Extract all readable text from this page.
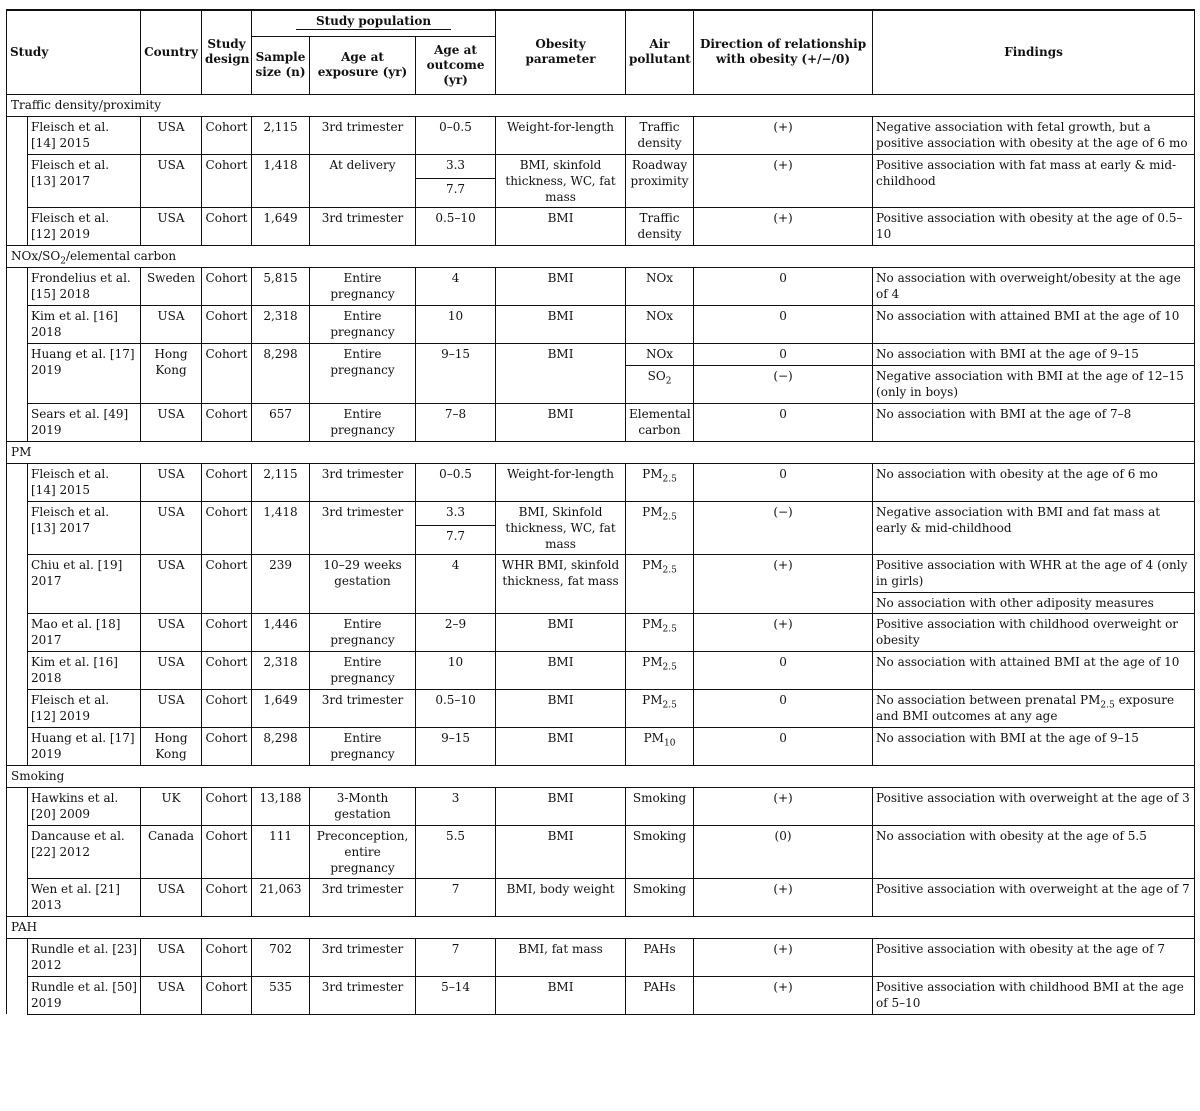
Study		Country	Study design	Study population			Obesity parameter	Air pollutant	Direction of relationship with obesity (+/−/0)	Findings
				Sample size (n)	Age at exposure (yr)	Age at outcome (yr)				
Traffic density/proximity										
	Fleisch et al. [14] 2015	USA	Cohort	2,115	3rd trimester	0–0.5	Weight-for-length	Traffic density	(+)	Negative association with fetal growth, but a positive association with obesity at the age of 6 mo
	Fleisch et al. [13] 2017	USA	Cohort	1,418	At delivery	3.3	BMI, skinfold thickness, WC, fat mass	Roadway proximity	(+)	Positive association with fat mass at early & mid-childhood
						7.7				
	Fleisch et al. [12] 2019	USA	Cohort	1,649	3rd trimester	0.5–10	BMI	Traffic density	(+)	Positive association with obesity at the age of 0.5–10
NOx/$SO_2$/elemental carbon										
	Frondelius et al. [15] 2018	Sweden	Cohort	5,815	Entire pregnancy	4	BMI	NOx	0	No association with overweight/obesity at the age of 4
	Kim et al. [16] 2018	USA	Cohort	2,318	Entire pregnancy	10	BMI	NOx	0	No association with attained BMI at the age of 10
	Huang et al. [17] 2019	Hong Kong	Cohort	8,298	Entire pregnancy	9–15	BMI	NOx	0	No association with BMI at the age of 9–15
								$SO_2$	(−)	Negative association with BMI at the age of 12–15 (only in boys)
	Sears et al. [49] 2019	USA	Cohort	657	Entire pregnancy	7–8	BMI	Elemental carbon	0	No association with BMI at the age of 7–8
PM										
	Fleisch et al. [14] 2015	USA	Cohort	2,115	3rd trimester	0–0.5	Weight-for-length	$PM_{2.5}$	0	No association with obesity at the age of 6 mo
	Fleisch et al. [13] 2017	USA	Cohort	1,418	3rd trimester	3.3	BMI, Skinfold thickness, WC, fat mass	$PM_{2.5}$	(−)	Negative association with BMI and fat mass at early & mid-childhood
						7.7				
	Chiu et al. [19] 2017	USA	Cohort	239	10–29 weeks gestation	4	WHR BMI, skinfold thickness, fat mass	$PM_{2.5}$	(+)	Positive association with WHR at the age of 4 (only in girls)
										No association with other adiposity measures
	Mao et al. [18] 2017	USA	Cohort	1,446	Entire pregnancy	2–9	BMI	$PM_{2.5}$	(+)	Positive association with childhood overweight or obesity
	Kim et al. [16] 2018	USA	Cohort	2,318	Entire pregnancy	10	BMI	$PM_{2.5}$	0	No association with attained BMI at the age of 10
	Fleisch et al. [12] 2019	USA	Cohort	1,649	3rd trimester	0.5–10	BMI	$PM_{2.5}$	0	No association between prenatal $PM_{2.5}$ exposure and BMI outcomes at any age
	Huang et al. [17] 2019	Hong Kong	Cohort	8,298	Entire pregnancy	9–15	BMI	$PM_{10}$	0	No association with BMI at the age of 9–15
Smoking										
	Hawkins et al. [20] 2009	UK	Cohort	13,188	3-Month gestation	3	BMI	Smoking	(+)	Positive association with overweight at the age of 3
	Dancause et al. [22] 2012	Canada	Cohort	111	Preconception, entire pregnancy	5.5	BMI	Smoking	(0)	No association with obesity at the age of 5.5
	Wen et al. [21] 2013	USA	Cohort	21,063	3rd trimester	7	BMI, body weight	Smoking	(+)	Positive association with overweight at the age of 7
PAH										
	Rundle et al. [23] 2012	USA	Cohort	702	3rd trimester	7	BMI, fat mass	PAHs	(+)	Positive association with obesity at the age of 7
	Rundle et al. [50] 2019	USA	Cohort	535	3rd trimester	5–14	BMI	PAHs	(+)	Positive association with childhood BMI at the age of 5–10
